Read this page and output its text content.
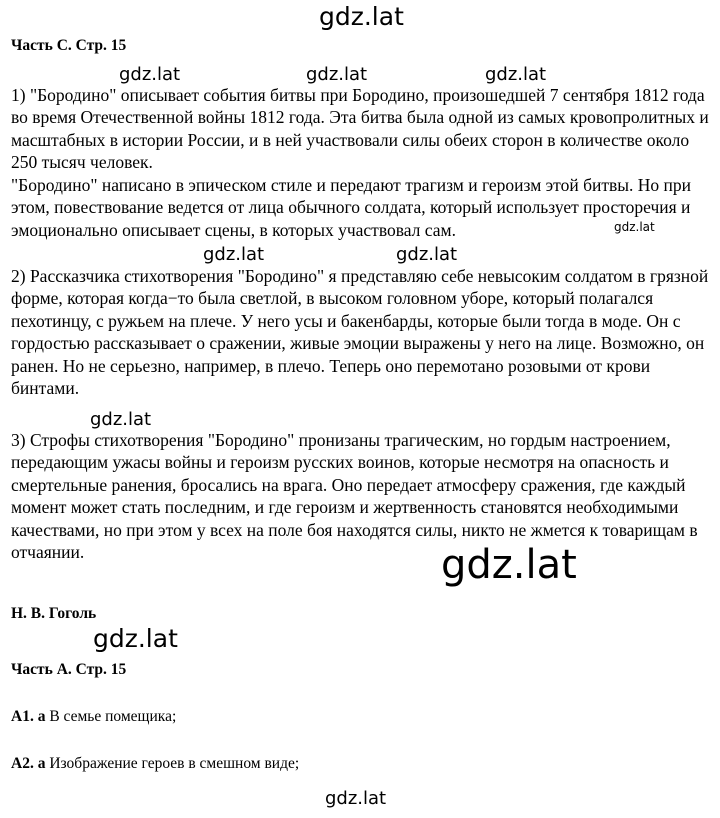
gdz.lat
gdz.lat	gdz.lat	gdz.lat
gdz.lat
gdz.lat	gdz.lat
gdz.lat
gdz.lat
gdz.lat
gdz.lat
Часть С. Стр. 15

1) "Бородино" описывает события битвы при Бородино, произошедшей 7 сентября 1812 года во время Отечественной войны 1812 года. Эта битва была одной из самых кровопролитных и масштабных в истории России, и в ней участвовали силы обеих сторон в количестве около 250 тысяч человек.

"Бородино" написано в эпическом стиле и передают трагизм и героизм этой битвы. Но при этом, повествование ведется от лица обычного солдата, который использует просторечия и эмоционально описывает сцены, в которых участвовал сам.

2) Рассказчика стихотворения "Бородино" я представляю себе невысоким солдатом в грязной форме, которая когда−то была светлой, в высоком головном уборе, который полагался пехотинцу, с ружьем на плече. У него усы и бакенбарды, которые были тогда в моде. Он с гордостью рассказывает о сражении, живые эмоции выражены у него на лице. Возможно, он ранен. Но не серьезно, например, в плечо. Теперь оно перемотано розовыми от крови бинтами.

3) Строфы стихотворения "Бородино" пронизаны трагическим, но гордым настроением, передающим ужасы войны и героизм русских воинов, которые несмотря на опасность и смертельные ранения, бросались на врага. Оно передает атмосферу сражения, где каждый момент может стать последним, и где героизм и жертвенность становятся необходимыми качествами, но при этом у всех на поле боя находятся силы, никто не жмется к товарищам в отчаянии.

Н. В. Гоголь
Часть А. Стр. 15
А1. а В семье помещика;
А2. а Изображение героев в смешном виде;
